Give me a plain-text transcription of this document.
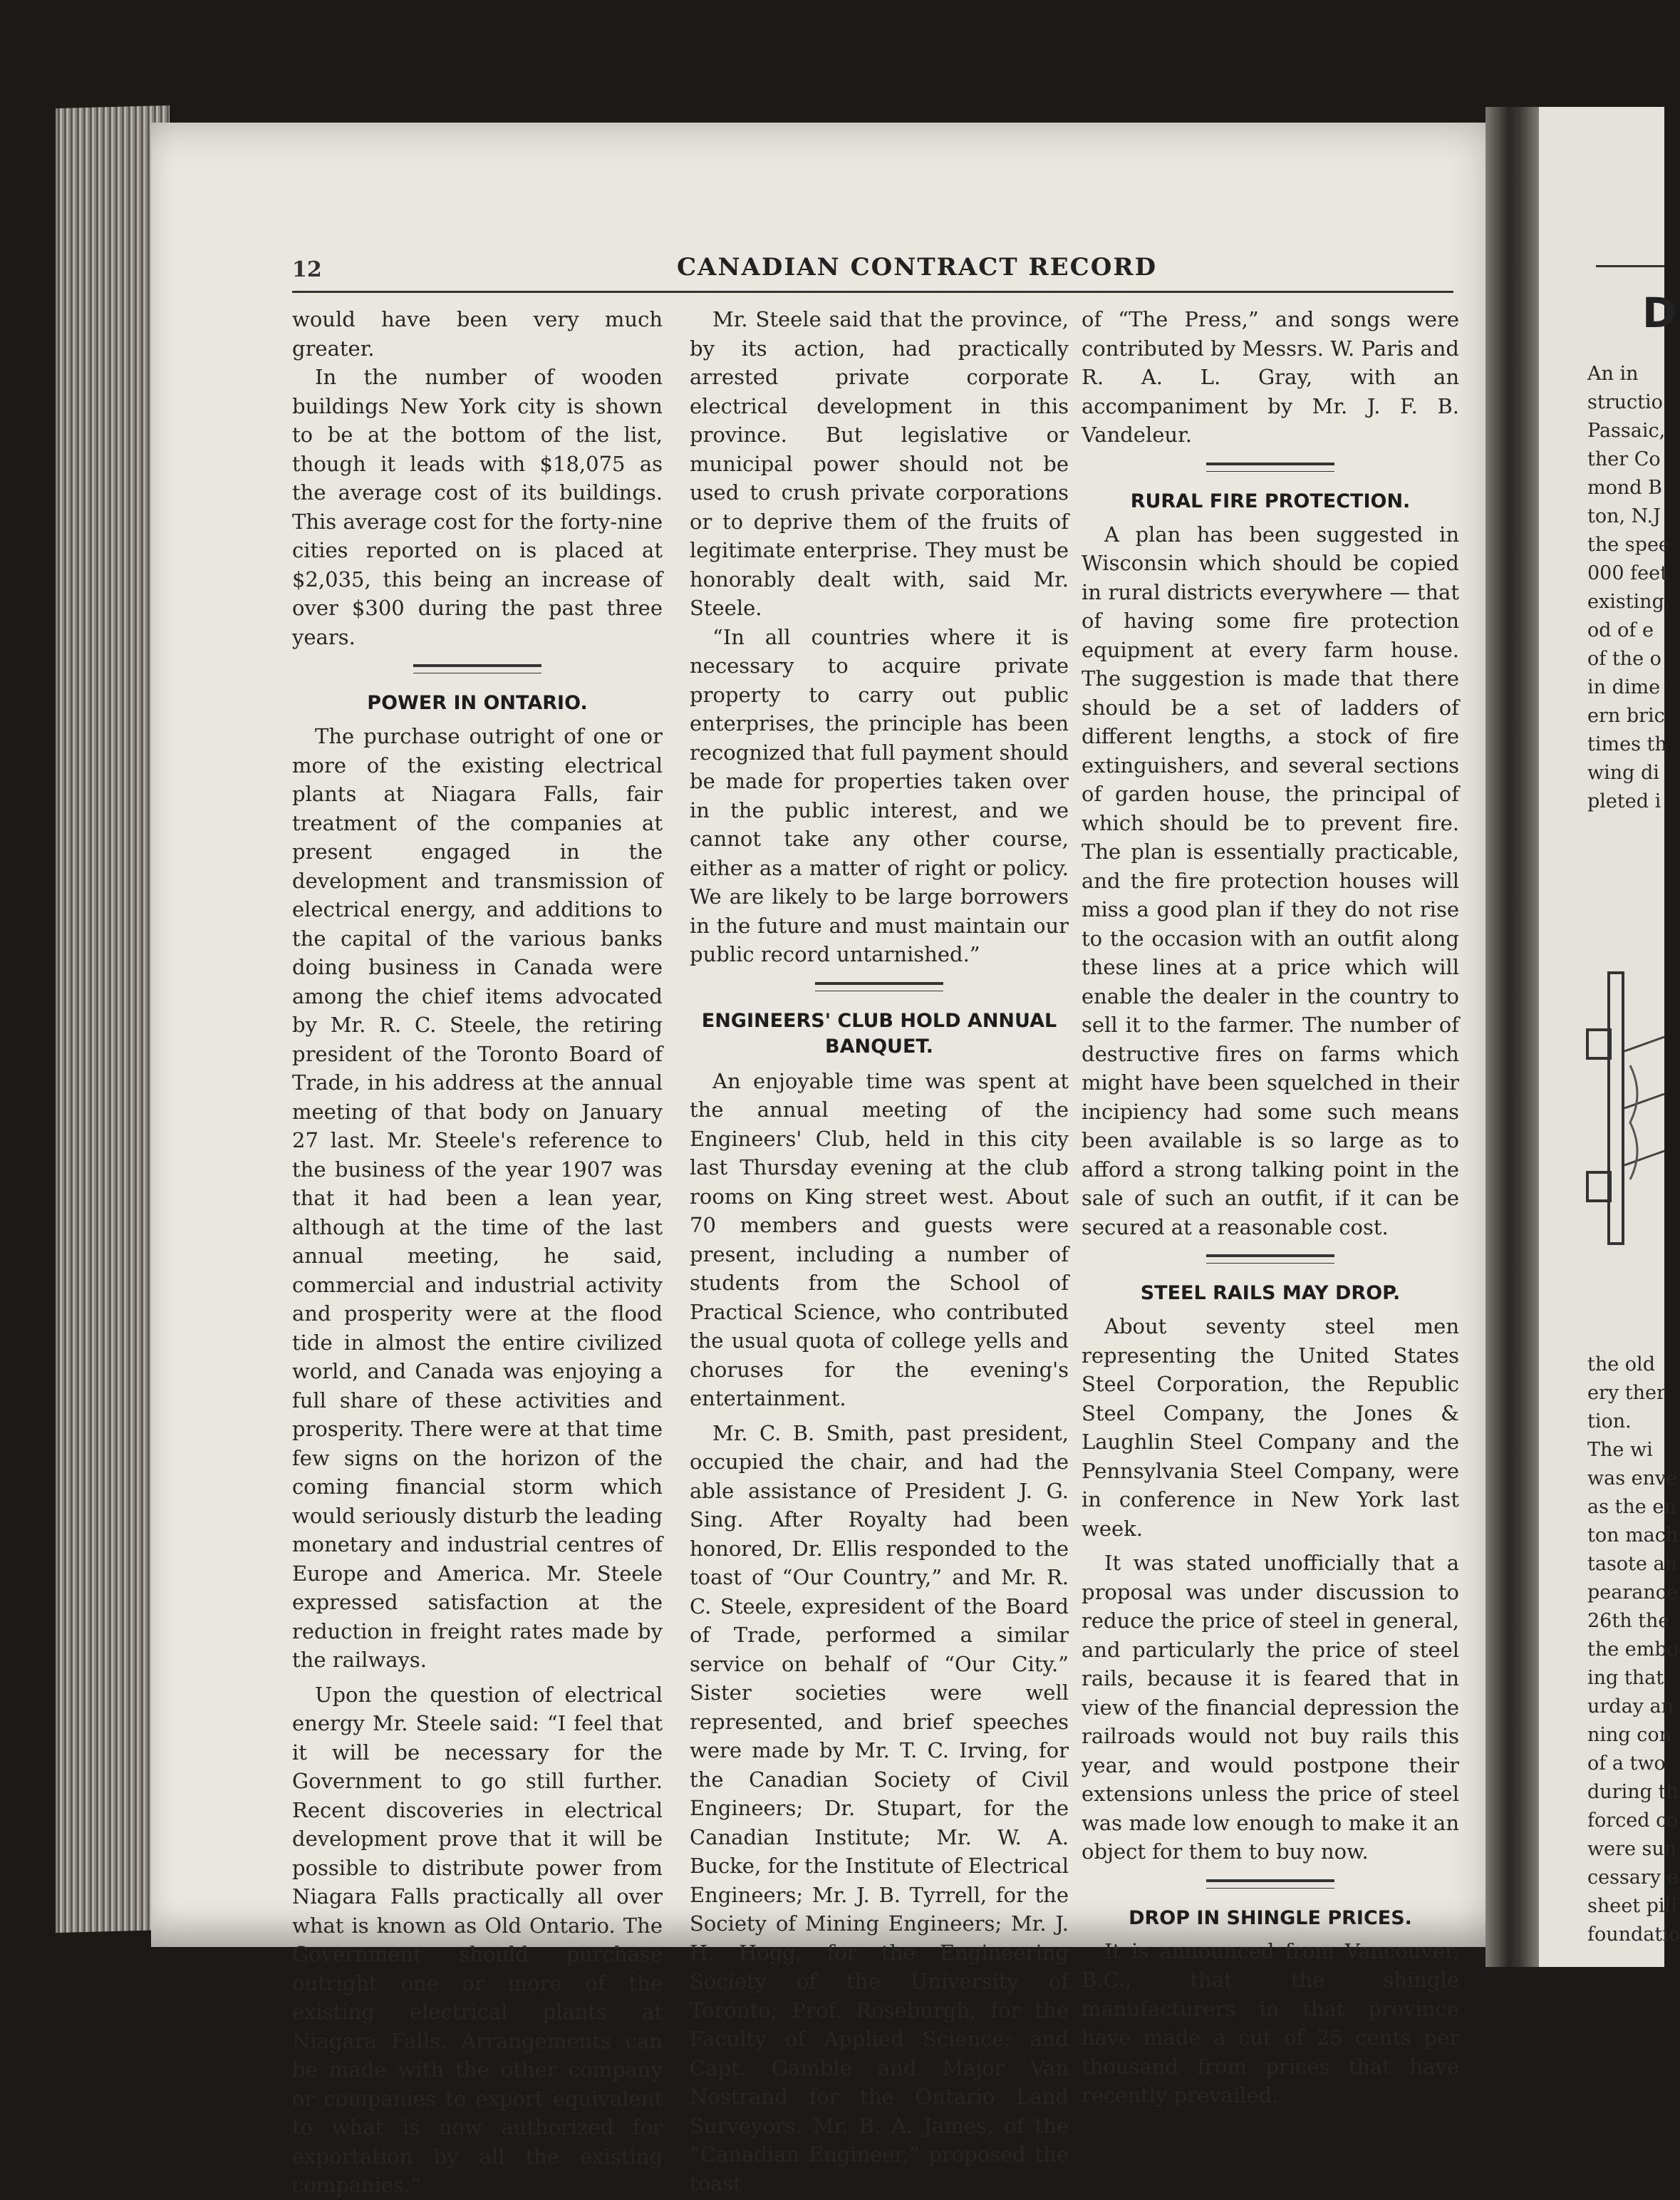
12	CANADIAN CONTRACT RECORD

would have been very much greater.

In the number of wooden buildings New York city is shown to be at the bottom of the list, though it leads with $18,075 as the average cost of its buildings. This average cost for the forty-nine cities reported on is placed at $2,035, this being an increase of over $300 during the past three years.

POWER IN ONTARIO.

The purchase outright of one or more of the existing electrical plants at Niagara Falls, fair treatment of the companies at present engaged in the development and transmission of electrical energy, and additions to the capital of the various banks doing business in Canada were among the chief items advocated by Mr. R. C. Steele, the retiring president of the Toronto Board of Trade, in his address at the annual meeting of that body on January 27 last. Mr. Steele's reference to the business of the year 1907 was that it had been a lean year, although at the time of the last annual meeting, he said, commercial and industrial activity and prosperity were at the flood tide in almost the entire civilized world, and Canada was enjoying a full share of these activities and prosperity. There were at that time few signs on the horizon of the coming financial storm which would seriously disturb the leading monetary and industrial centres of Europe and America. Mr. Steele expressed satisfaction at the reduction in freight rates made by the railways.

Upon the question of electrical energy Mr. Steele said: “I feel that it will be necessary for the Government to go still further. Recent discoveries in electrical development prove that it will be possible to distribute power from Niagara Falls practically all over what is known as Old Ontario. The Government should purchase outright one or more of the existing electrical plants at Niagara Falls. Arrangements can be made with the other company or companies to export equivalent to what is now authorized for exportation by all the existing companies.”

Mr. Steele said that the province, by its action, had practically arrested private corporate electrical development in this province. But legislative or municipal power should not be used to crush private corporations or to deprive them of the fruits of legitimate enterprise. They must be honorably dealt with, said Mr. Steele.

“In all countries where it is necessary to acquire private property to carry out public enterprises, the principle has been recognized that full payment should be made for properties taken over in the public interest, and we cannot take any other course, either as a matter of right or policy. We are likely to be large borrowers in the future and must maintain our public record untarnished.”

ENGINEERS' CLUB HOLD ANNUAL BANQUET.

An enjoyable time was spent at the annual meeting of the Engineers' Club, held in this city last Thursday evening at the club rooms on King street west. About 70 members and guests were present, including a number of students from the School of Practical Science, who contributed the usual quota of college yells and choruses for the evening's entertainment.

Mr. C. B. Smith, past president, occupied the chair, and had the able assistance of President J. G. Sing. After Royalty had been honored, Dr. Ellis responded to the toast of “Our Country,” and Mr. R. C. Steele, expresident of the Board of Trade, performed a similar service on behalf of “Our City.” Sister societies were well represented, and brief speeches were made by Mr. T. C. Irving, for the Canadian Society of Civil Engineers; Dr. Stupart, for the Canadian Institute; Mr. W. A. Bucke, for the Institute of Electrical Engineers; Mr. J. B. Tyrrell, for the Society of Mining Engineers; Mr. J. H. Hogg, for the Engineering Society of the University of Toronto; Prof. Roseburgh, for the Faculty of Applied Science; and Capt. Gamble and Major Van Nostrand for the Ontario Land Surveyors. Mr. B. A. James, of the “Canadian Engineer,” proposed the toast

of “The Press,” and songs were contributed by Messrs. W. Paris and R. A. L. Gray, with an accompaniment by Mr. J. F. B. Vandeleur.

RURAL FIRE PROTECTION.

A plan has been suggested in Wisconsin which should be copied in rural districts everywhere — that of having some fire protection equipment at every farm house. The suggestion is made that there should be a set of ladders of different lengths, a stock of fire extinguishers, and several sections of garden house, the principal of which should be to prevent fire. The plan is essentially practicable, and the fire protection houses will miss a good plan if they do not rise to the occasion with an outfit along these lines at a price which will enable the dealer in the country to sell it to the farmer. The number of destructive fires on farms which might have been squelched in their incipiency had some such means been available is so large as to afford a strong talking point in the sale of such an outfit, if it can be secured at a reasonable cost.

STEEL RAILS MAY DROP.

About seventy steel men representing the United States Steel Corporation, the Republic Steel Company, the Jones & Laughlin Steel Company and the Pennsylvania Steel Company, were in conference in New York last week.

It was stated unofficially that a proposal was under discussion to reduce the price of steel in general, and particularly the price of steel rails, because it is feared that in view of the financial depression the railroads would not buy rails this year, and would postpone their extensions unless the price of steel was made low enough to make it an object for them to buy now.

DROP IN SHINGLE PRICES.

It is announced from Vancouver, B.C., that the shingle manufacturers in that province have made a cut of 25 cents per thousand from prices that have recently prevailed.

D
An in
structio
Passaic,
ther Co
mond B
ton, N.J
the spee
000 feet
existing,
od of e
of the o
in dime
ern bric
times th
wing di
pleted i
the old
ery ther
tion.
The wi
was enve
as the en
ton mach
tasote an
pearance
26th the
the embo
ing that
urday an
ning con
of a two
during th
forced co
were sun
cessary e
sheet pili
foundatio
